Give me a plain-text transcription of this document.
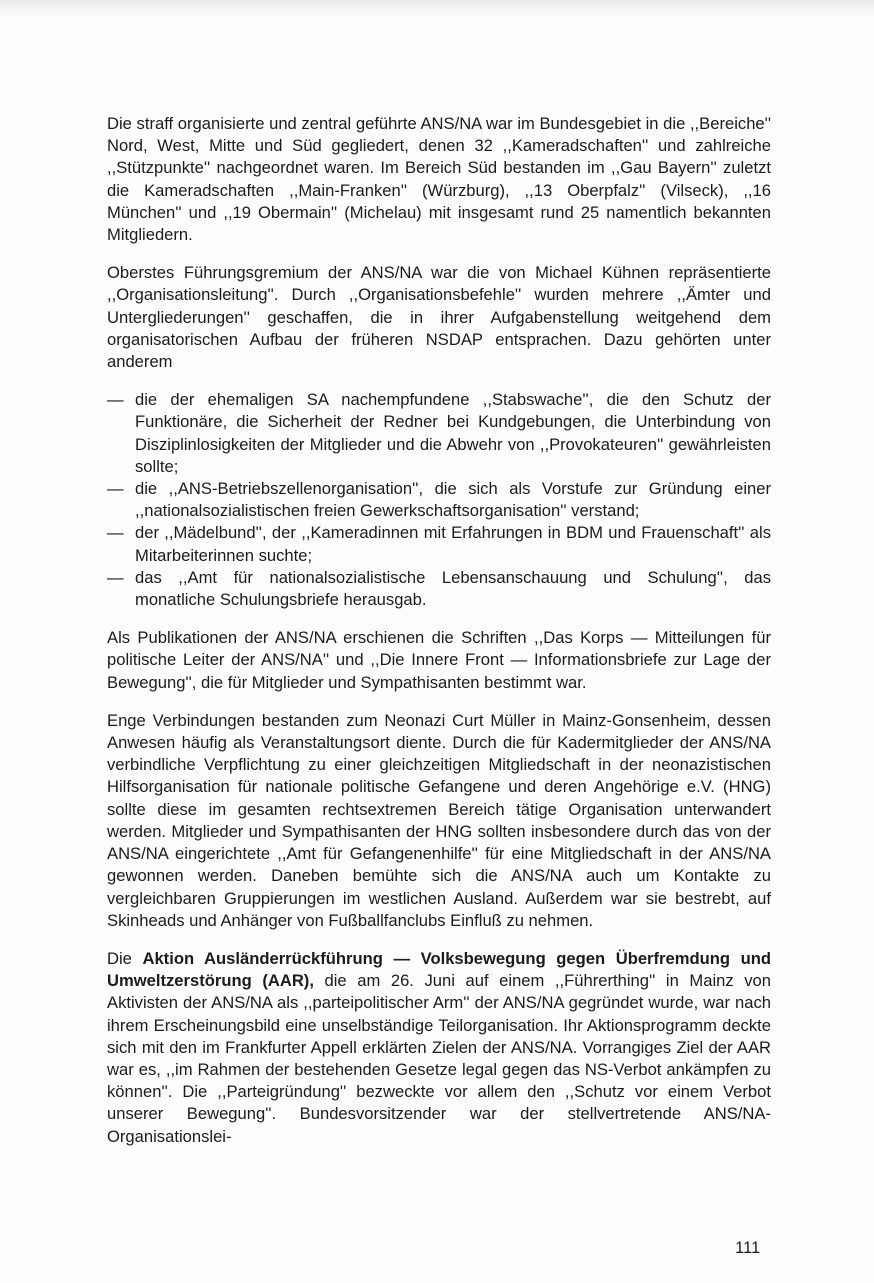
Die straff organisierte und zentral geführte ANS/NA war im Bundesgebiet in die ,,Bereiche'' Nord, West, Mitte und Süd gegliedert, denen 32 ,,Kameradschaften'' und zahlreiche ,,Stützpunkte'' nachgeordnet waren. Im Bereich Süd bestanden im ,,Gau Bayern'' zuletzt die Kameradschaften ,,Main-Franken'' (Würzburg), ,,13 Oberpfalz'' (Vilseck), ,,16 München'' und ,,19 Obermain'' (Michelau) mit insgesamt rund 25 namentlich bekannten Mitgliedern.

Oberstes Führungsgremium der ANS/NA war die von Michael Kühnen repräsentierte ,,Organisationsleitung''. Durch ,,Organisationsbefehle'' wurden mehrere ,,Ämter und Untergliederungen'' geschaffen, die in ihrer Aufgabenstellung weitgehend dem organisatorischen Aufbau der früheren NSDAP entsprachen. Dazu gehörten unter anderem

— die der ehemaligen SA nachempfundene ,,Stabswache'', die den Schutz der Funktionäre, die Sicherheit der Redner bei Kundgebungen, die Unterbindung von Disziplinlosigkeiten der Mitglieder und die Abwehr von ,,Provokateuren'' gewährleisten sollte;
— die ,,ANS-Betriebszellenorganisation'', die sich als Vorstufe zur Gründung einer ,,nationalsozialistischen freien Gewerkschaftsorganisation'' verstand;
— der ,,Mädelbund'', der ,,Kameradinnen mit Erfahrungen in BDM und Frauenschaft'' als Mitarbeiterinnen suchte;
— das ,,Amt für nationalsozialistische Lebensanschauung und Schulung'', das monatliche Schulungsbriefe herausgab.

Als Publikationen der ANS/NA erschienen die Schriften ,,Das Korps — Mitteilungen für politische Leiter der ANS/NA'' und ,,Die Innere Front — Informationsbriefe zur Lage der Bewegung'', die für Mitglieder und Sympathisanten bestimmt war.

Enge Verbindungen bestanden zum Neonazi Curt Müller in Mainz-Gonsenheim, dessen Anwesen häufig als Veranstaltungsort diente. Durch die für Kadermitglieder der ANS/NA verbindliche Verpflichtung zu einer gleichzeitigen Mitgliedschaft in der neonazistischen Hilfsorganisation für nationale politische Gefangene und deren Angehörige e.V. (HNG) sollte diese im gesamten rechtsextremen Bereich tätige Organisation unterwandert werden. Mitglieder und Sympathisanten der HNG sollten insbesondere durch das von der ANS/NA eingerichtete ,,Amt für Gefangenenhilfe'' für eine Mitgliedschaft in der ANS/NA gewonnen werden. Daneben bemühte sich die ANS/NA auch um Kontakte zu vergleichbaren Gruppierungen im westlichen Ausland. Außerdem war sie bestrebt, auf Skinheads und Anhänger von Fußballfanclubs Einfluß zu nehmen.

Die Aktion Ausländerrückführung — Volksbewegung gegen Überfremdung und Umweltzerstörung (AAR), die am 26. Juni auf einem ,,Führerthing'' in Mainz von Aktivisten der ANS/NA als ,,parteipolitischer Arm'' der ANS/NA gegründet wurde, war nach ihrem Erscheinungsbild eine unselbständige Teilorganisation. Ihr Aktionsprogramm deckte sich mit den im Frankfurter Appell erklärten Zielen der ANS/NA. Vorrangiges Ziel der AAR war es, ,,im Rahmen der bestehenden Gesetze legal gegen das NS-Verbot ankämpfen zu können''. Die ,,Parteigründung'' bezweckte vor allem den ,,Schutz vor einem Verbot unserer Bewegung''. Bundesvorsitzender war der stellvertretende ANS/NA-Organisationslei-

111
